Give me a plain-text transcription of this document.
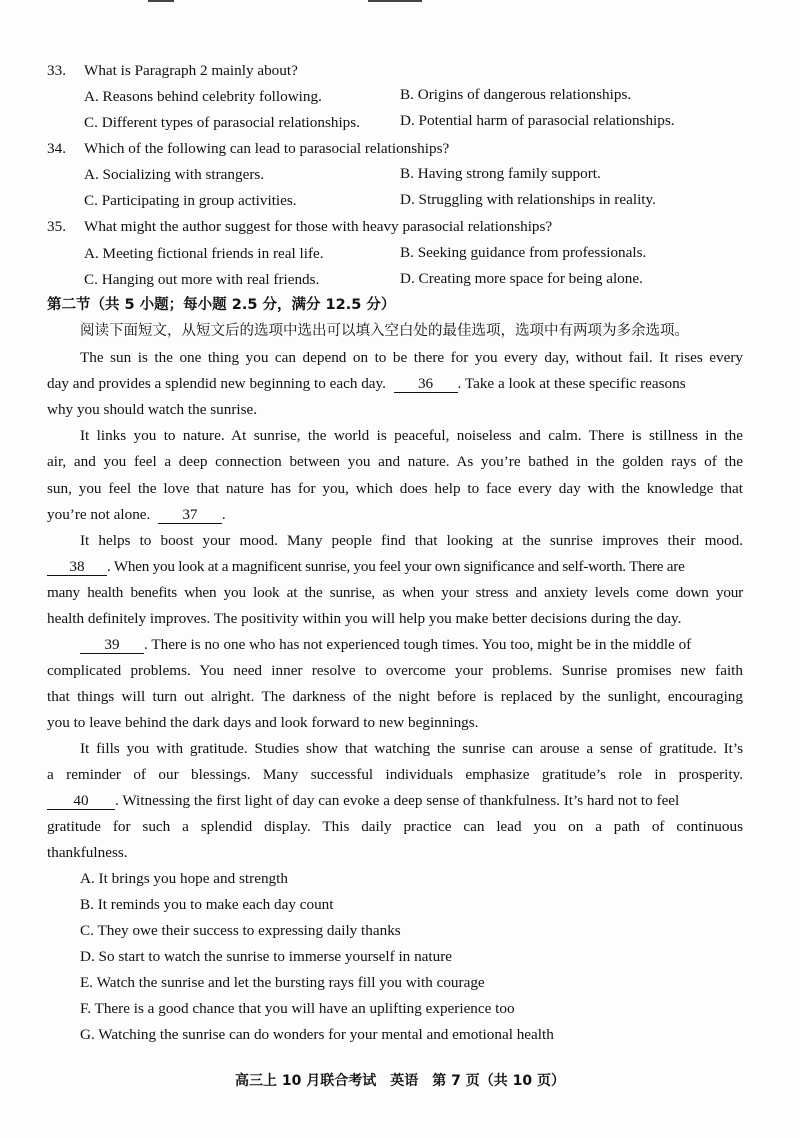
33. What is Paragraph 2 mainly about?
A. Reasons behind celebrity following.	B. Origins of dangerous relationships.
C. Different types of parasocial relationships.	D. Potential harm of parasocial relationships.
34. Which of the following can lead to parasocial relationships?
A. Socializing with strangers.	B. Having strong family support.
C. Participating in group activities.	D. Struggling with relationships in reality.
35. What might the author suggest for those with heavy parasocial relationships?
A. Meeting fictional friends in real life.	B. Seeking guidance from professionals.
C. Hanging out more with real friends.	D. Creating more space for being alone.
第二节（共 5 小题；每小题 2.5 分，满分 12.5 分）
阅读下面短文，从短文后的选项中选出可以填入空白处的最佳选项，选项中有两项为多余选项。
The sun is the one thing you can depend on to be there for you every day, without fail. It rises every
day and provides a splendid new beginning to each day. 36 . Take a look at these specific reasons
why you should watch the sunrise.
It links you to nature. At sunrise, the world is peaceful, noiseless and calm. There is stillness in the
air, and you feel a deep connection between you and nature. As you’re bathed in the golden rays of the
sun, you feel the love that nature has for you, which does help to face every day with the knowledge that
you’re not alone. 37 .
It helps to boost your mood. Many people find that looking at the sunrise improves their mood.
38 . When you look at a magnificent sunrise, you feel your own significance and self-worth. There are
many health benefits when you look at the sunrise, as when your stress and anxiety levels come down your
health definitely improves. The positivity within you will help you make better decisions during the day.
39 . There is no one who has not experienced tough times. You too, might be in the middle of
complicated problems. You need inner resolve to overcome your problems. Sunrise promises new faith
that things will turn out alright. The darkness of the night before is replaced by the sunlight, encouraging
you to leave behind the dark days and look forward to new beginnings.
It fills you with gratitude. Studies show that watching the sunrise can arouse a sense of gratitude. It’s
a reminder of our blessings. Many successful individuals emphasize gratitude’s role in prosperity.
40 . Witnessing the first light of day can evoke a deep sense of thankfulness. It’s hard not to feel
gratitude for such a splendid display. This daily practice can lead you on a path of continuous
thankfulness.
A. It brings you hope and strength
B. It reminds you to make each day count
C. They owe their success to expressing daily thanks
D. So start to watch the sunrise to immerse yourself in nature
E. Watch the sunrise and let the bursting rays fill you with courage
F. There is a good chance that you will have an uplifting experience too
G. Watching the sunrise can do wonders for your mental and emotional health
高三上 10 月联合考试　英语　第 7 页（共 10 页）
